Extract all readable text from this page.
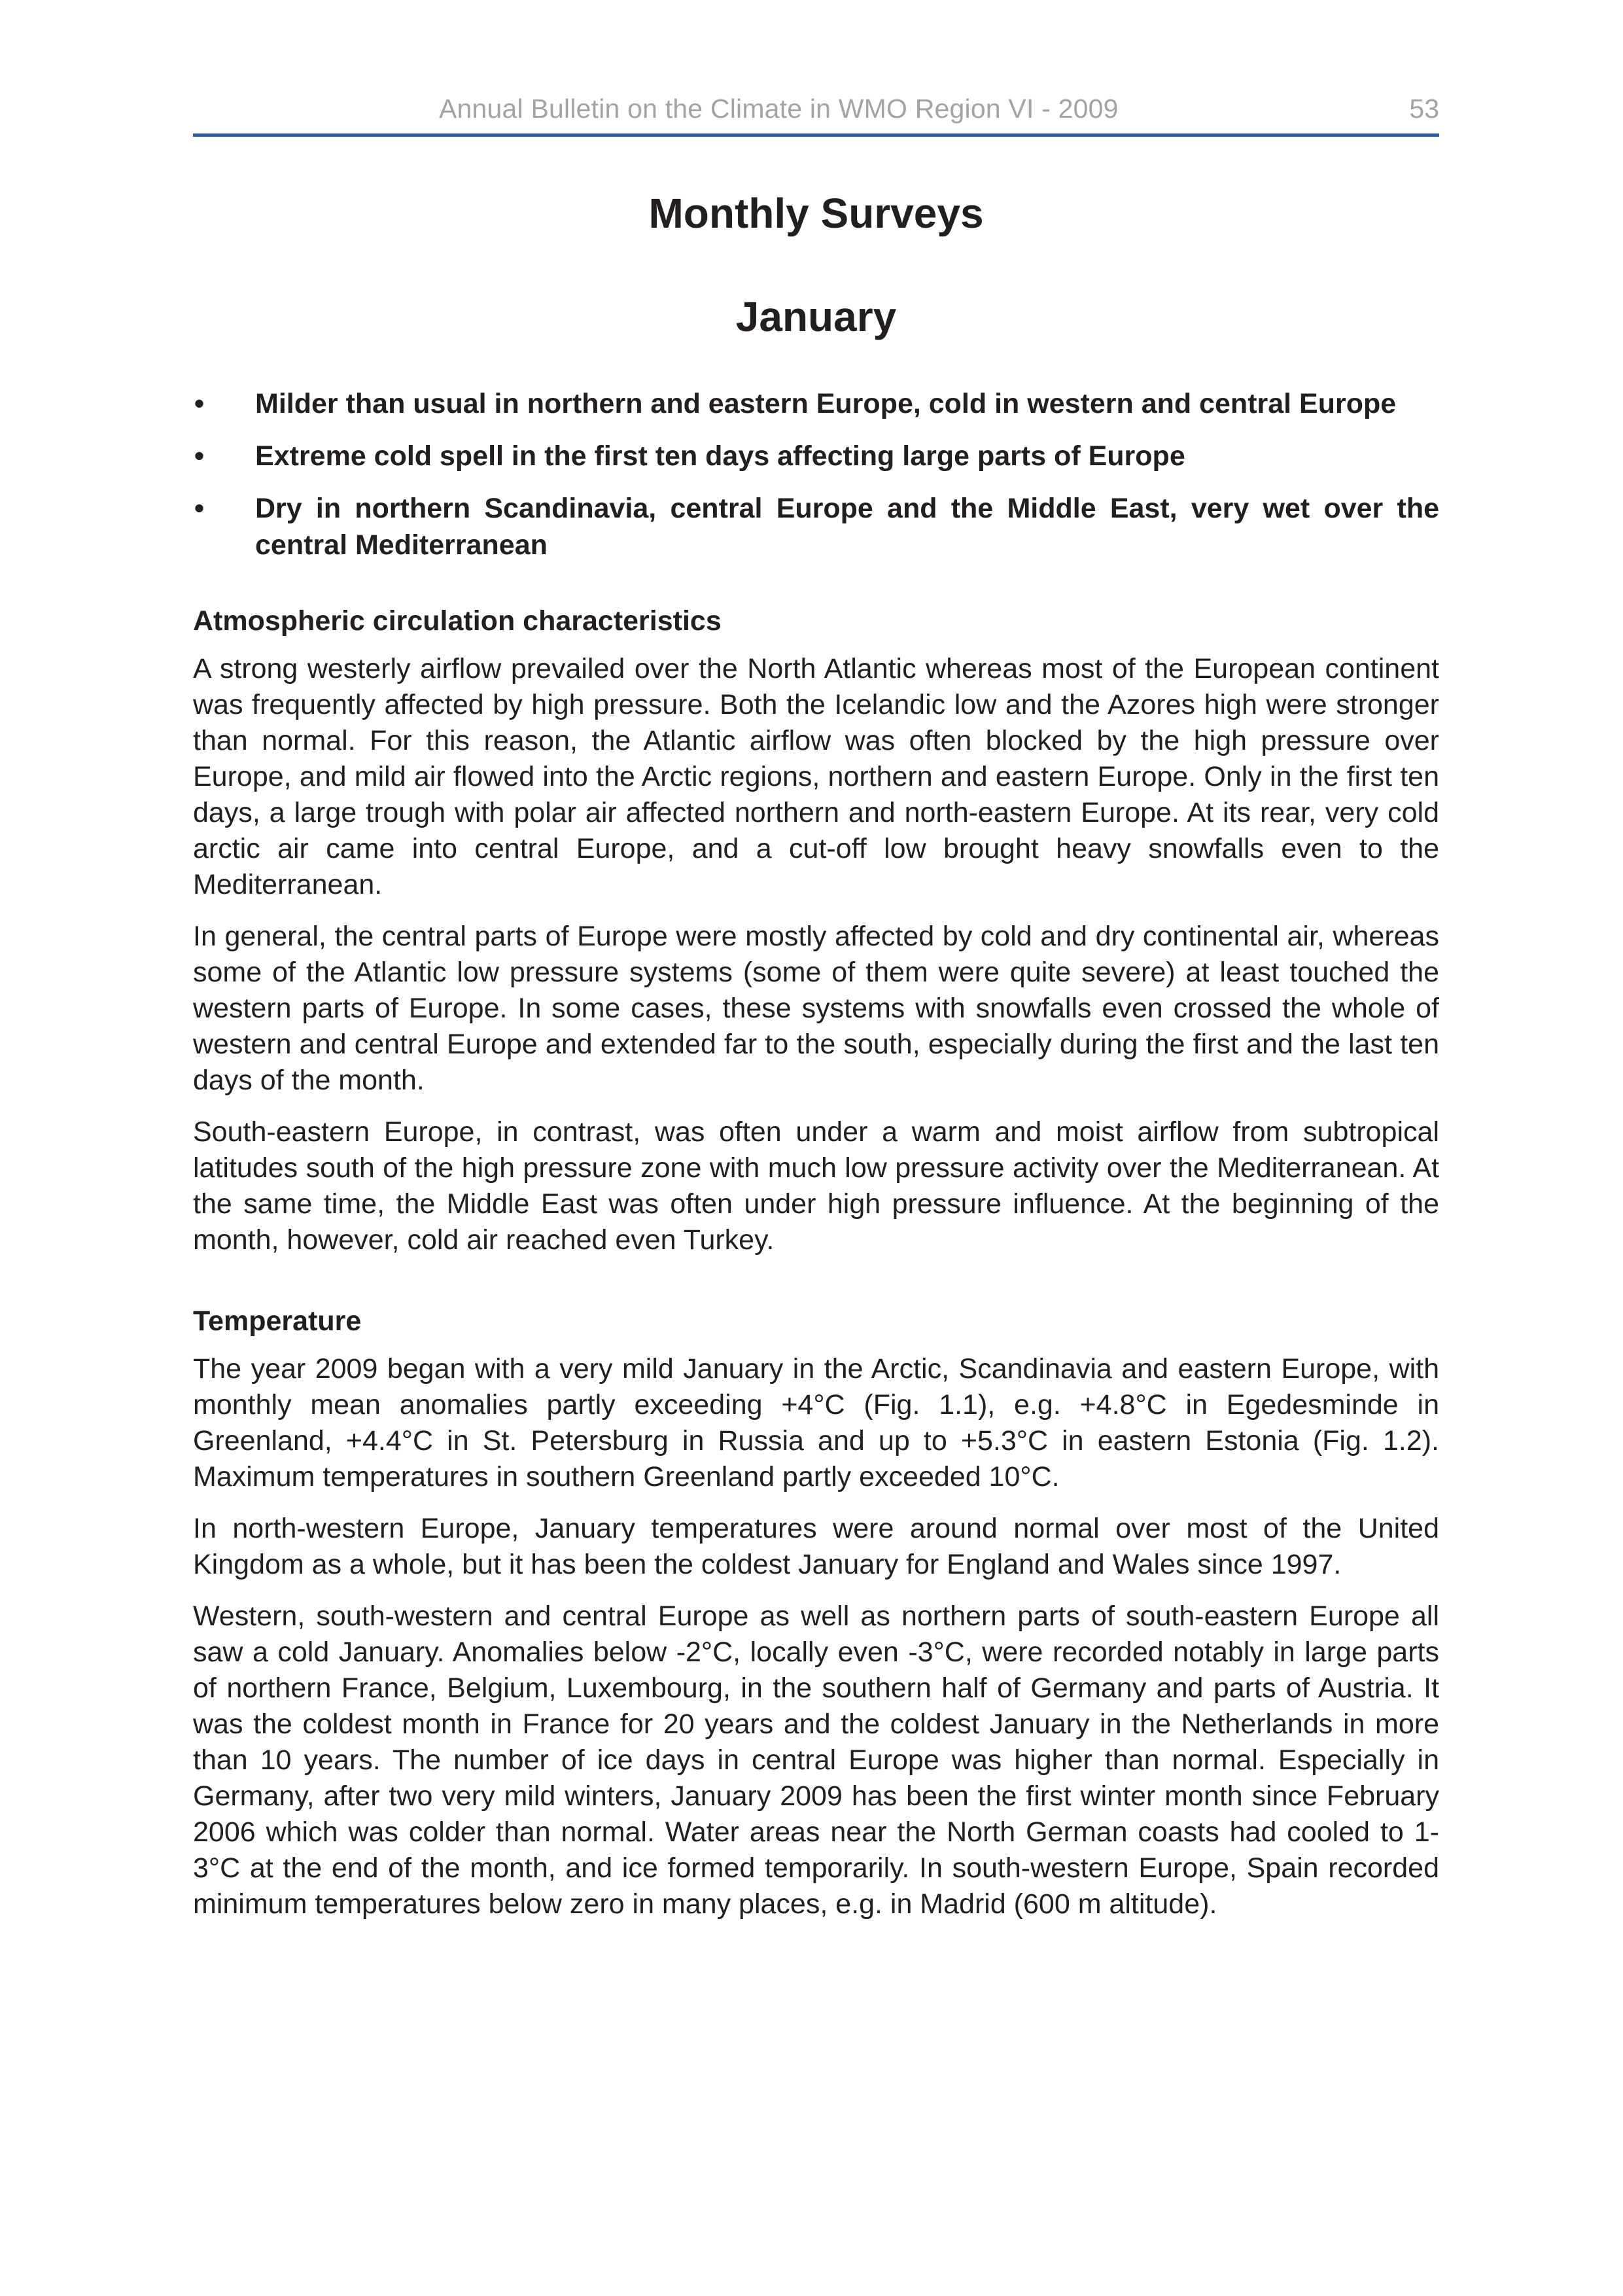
Annual Bulletin on the Climate in WMO Region VI - 2009	53
Monthly Surveys
January
• Milder than usual in northern and eastern Europe, cold in western and central Europe
• Extreme cold spell in the first ten days affecting large parts of Europe
• Dry in northern Scandinavia, central Europe and the Middle East, very wet over the central Mediterranean
Atmospheric circulation characteristics

A strong westerly airflow prevailed over the North Atlantic whereas most of the European continent was frequently affected by high pressure. Both the Icelandic low and the Azores high were stronger than normal. For this reason, the Atlantic airflow was often blocked by the high pressure over Europe, and mild air flowed into the Arctic regions, northern and eastern Europe. Only in the first ten days, a large trough with polar air affected northern and north-eastern Europe. At its rear, very cold arctic air came into central Europe, and a cut-off low brought heavy snowfalls even to the Mediterranean.

In general, the central parts of Europe were mostly affected by cold and dry continental air, whereas some of the Atlantic low pressure systems (some of them were quite severe) at least touched the western parts of Europe. In some cases, these systems with snowfalls even crossed the whole of western and central Europe and extended far to the south, especially during the first and the last ten days of the month.

South-eastern Europe, in contrast, was often under a warm and moist airflow from subtropical latitudes south of the high pressure zone with much low pressure activity over the Mediterranean. At the same time, the Middle East was often under high pressure influence. At the beginning of the month, however, cold air reached even Turkey.

Temperature

The year 2009 began with a very mild January in the Arctic, Scandinavia and eastern Europe, with monthly mean anomalies partly exceeding +4°C (Fig. 1.1), e.g. +4.8°C in Egedesminde in Greenland, +4.4°C in St. Petersburg in Russia and up to +5.3°C in eastern Estonia (Fig. 1.2). Maximum temperatures in southern Greenland partly exceeded 10°C.

In north-western Europe, January temperatures were around normal over most of the United Kingdom as a whole, but it has been the coldest January for England and Wales since 1997.

Western, south-western and central Europe as well as northern parts of south-eastern Europe all saw a cold January. Anomalies below -2°C, locally even -3°C, were recorded notably in large parts of northern France, Belgium, Luxembourg, in the southern half of Germany and parts of Austria. It was the coldest month in France for 20 years and the coldest January in the Netherlands in more than 10 years. The number of ice days in central Europe was higher than normal. Especially in Germany, after two very mild winters, January 2009 has been the first winter month since February 2006 which was colder than normal. Water areas near the North German coasts had cooled to 1-3°C at the end of the month, and ice formed temporarily. In south-western Europe, Spain recorded minimum temperatures below zero in many places, e.g. in Madrid (600 m altitude).
